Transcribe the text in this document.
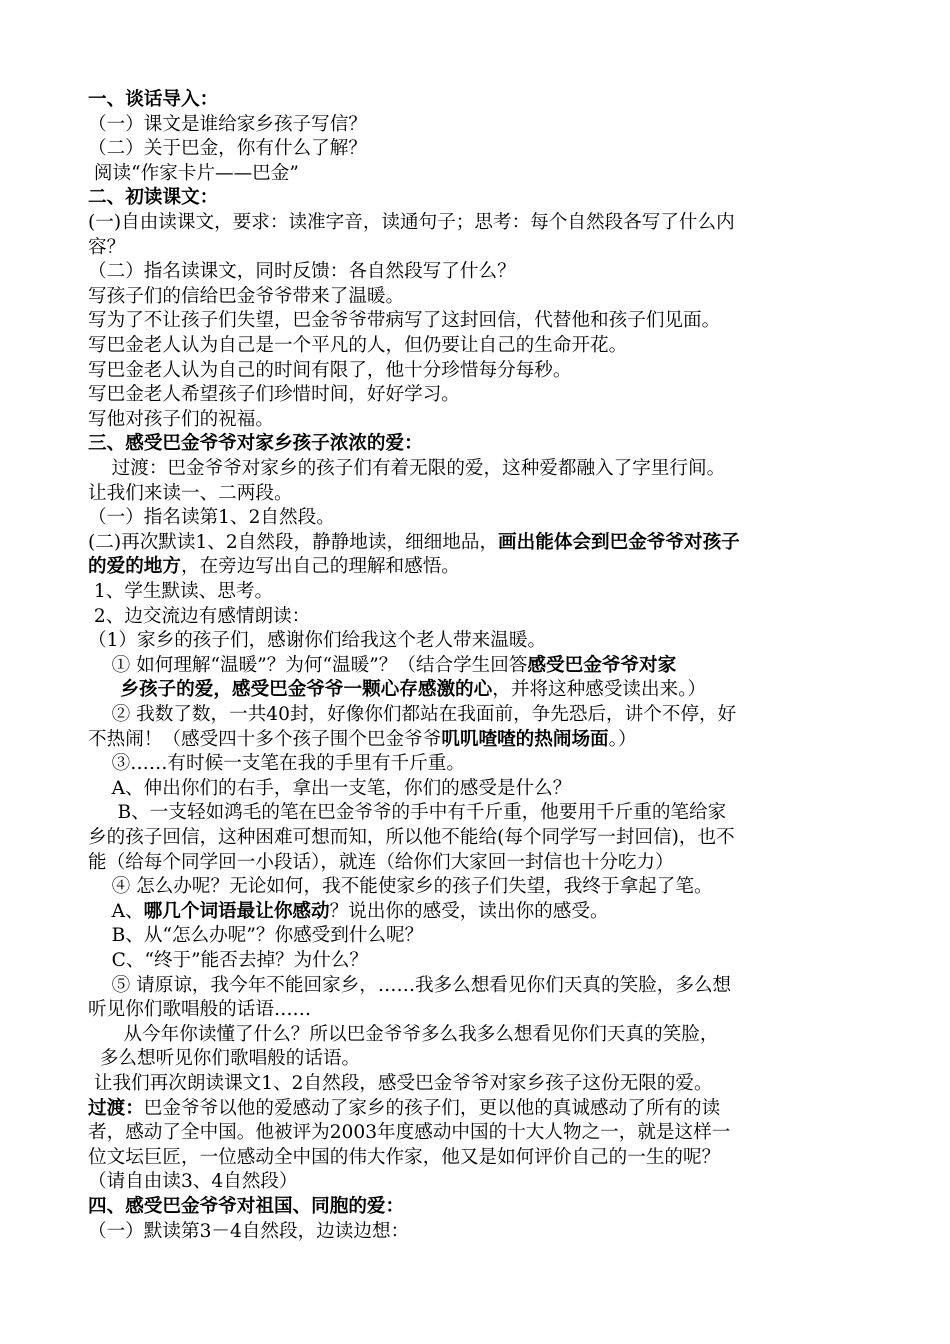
一、谈话导入：
（一）课文是谁给家乡孩子写信？
（二）关于巴金，你有什么了解？
阅读“作家卡片——巴金”
二、初读课文：
(一)自由读课文，要求：读准字音，读通句子；思考：每个自然段各写了什么内
容？
（二）指名读课文，同时反馈：各自然段写了什么？
写孩子们的信给巴金爷爷带来了温暖。
写为了不让孩子们失望，巴金爷爷带病写了这封回信，代替他和孩子们见面。
写巴金老人认为自己是一个平凡的人，但仍要让自己的生命开花。
写巴金老人认为自己的时间有限了，他十分珍惜每分每秒。
写巴金老人希望孩子们珍惜时间，好好学习。
写他对孩子们的祝福。
三、感受巴金爷爷对家乡孩子浓浓的爱：
过渡：巴金爷爷对家乡的孩子们有着无限的爱，这种爱都融入了字里行间。
让我们来读一、二两段。
（一）指名读第1、2自然段。
(二)再次默读1、2自然段，静静地读，细细地品，画出能体会到巴金爷爷对孩子
的爱的地方，在旁边写出自己的理解和感悟。
1、学生默读、思考。
2、边交流边有感情朗读：
（1）家乡的孩子们，感谢你们给我这个老人带来温暖。
① 如何理解“温暖”？为何“温暖”？（结合学生回答感受巴金爷爷对家
乡孩子的爱，感受巴金爷爷一颗心存感激的心，并将这种感受读出来。）
② 我数了数，一共40封，好像你们都站在我面前，争先恐后，讲个不停，好
不热闹！（感受四十多个孩子围个巴金爷爷叽叽喳喳的热闹场面。）
③……有时候一支笔在我的手里有千斤重。
A、伸出你们的右手，拿出一支笔，你们的感受是什么？
B、一支轻如鸿毛的笔在巴金爷爷的手中有千斤重，他要用千斤重的笔给家
乡的孩子回信，这种困难可想而知，所以他不能给(每个同学写一封回信)，也不
能（给每个同学回一小段话），就连（给你们大家回一封信也十分吃力）
④ 怎么办呢？无论如何，我不能使家乡的孩子们失望，我终于拿起了笔。
A、哪几个词语最让你感动？说出你的感受，读出你的感受。
B、从“怎么办呢”？你感受到什么呢？
C、“终于”能否去掉？为什么？
⑤ 请原谅，我今年不能回家乡，……我多么想看见你们天真的笑脸，多么想
听见你们歌唱般的话语……
从今年你读懂了什么？所以巴金爷爷多么我多么想看见你们天真的笑脸，
多么想听见你们歌唱般的话语。
让我们再次朗读课文1、2自然段，感受巴金爷爷对家乡孩子这份无限的爱。
过渡：巴金爷爷以他的爱感动了家乡的孩子们，更以他的真诚感动了所有的读
者，感动了全中国。他被评为2003年度感动中国的十大人物之一，就是这样一
位文坛巨匠，一位感动全中国的伟大作家，他又是如何评价自己的一生的呢？
（请自由读3、4自然段）
四、感受巴金爷爷对祖国、同胞的爱：
（一）默读第3－4自然段，边读边想：
